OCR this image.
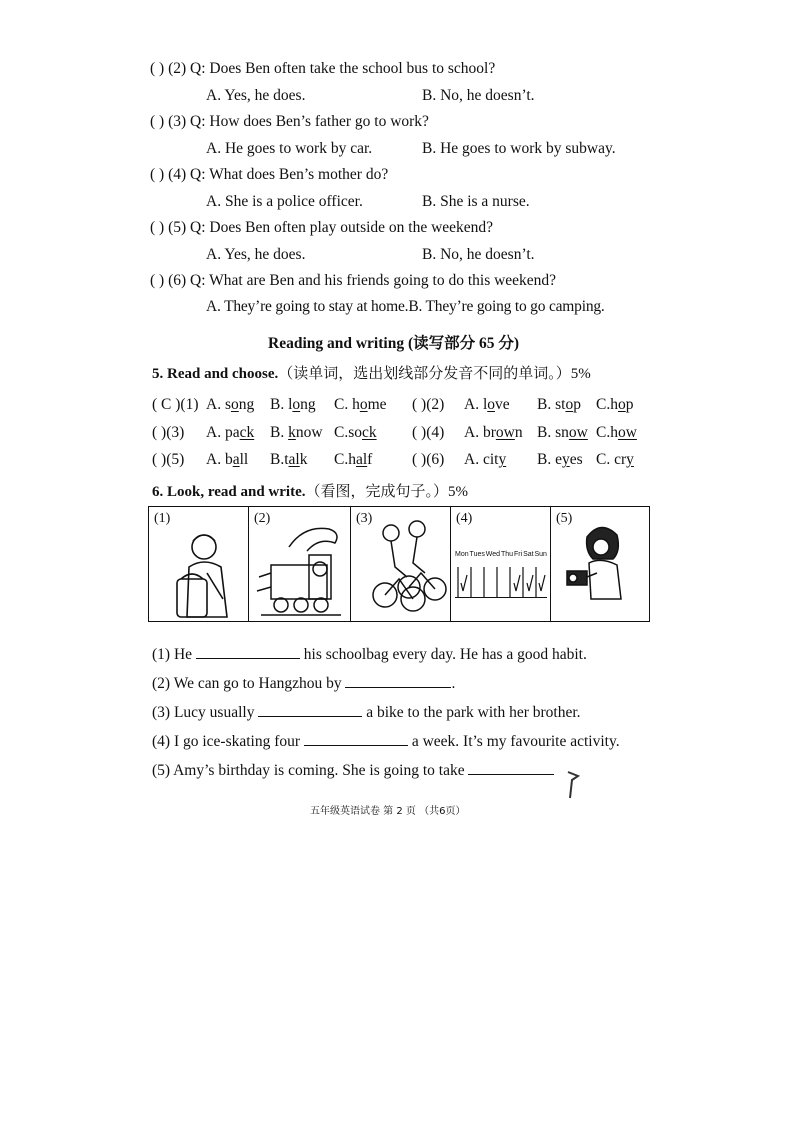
( ) (2) Q: Does Ben often take the school bus to school?
A. Yes, he does.	B. No, he doesn’t.
( ) (3) Q: How does Ben’s father go to work?
A. He goes to work by car.	B. He goes to work by subway.
( ) (4) Q: What does Ben’s mother do?
A. She is a police officer.	B. She is a nurse.
( ) (5) Q: Does Ben often play outside on the weekend?
A. Yes, he does.	B. No, he doesn’t.
( ) (6) Q: What are Ben and his friends going to do this weekend?
A. They’re going to stay at home.B. They’re going to go camping.
Reading and writing (读写部分 65 分)
5. Read and choose.（读单词，选出划线部分发音不同的单词。）5%
( C )(1) A. song B. long C. home ( )(2) A. love B. stop C.hop
( )(3) A. pack B. know C.sock ( )(4) A. brown B. snow C.how
( )(5) A. ball B.talk C.half	( )(6) A. city B. eyes C. cry
6. Look, read and write.（看图，完成句子。）5%
(1)	(2)	(3)	(4)
Mon Tues Wed Thu Fri Sat Sun
(5)
(1) He	his schoolbag every day. He has a good habit.
(2) We can go to Hangzhou by	.
(3) Lucy usually	a bike to the park with her brother.
(4) I go ice-skating four	a week. It’s my favourite activity.
(5) Amy’s birthday is coming. She is going to take
五年级英语试卷 第 2 页 （共6页）
